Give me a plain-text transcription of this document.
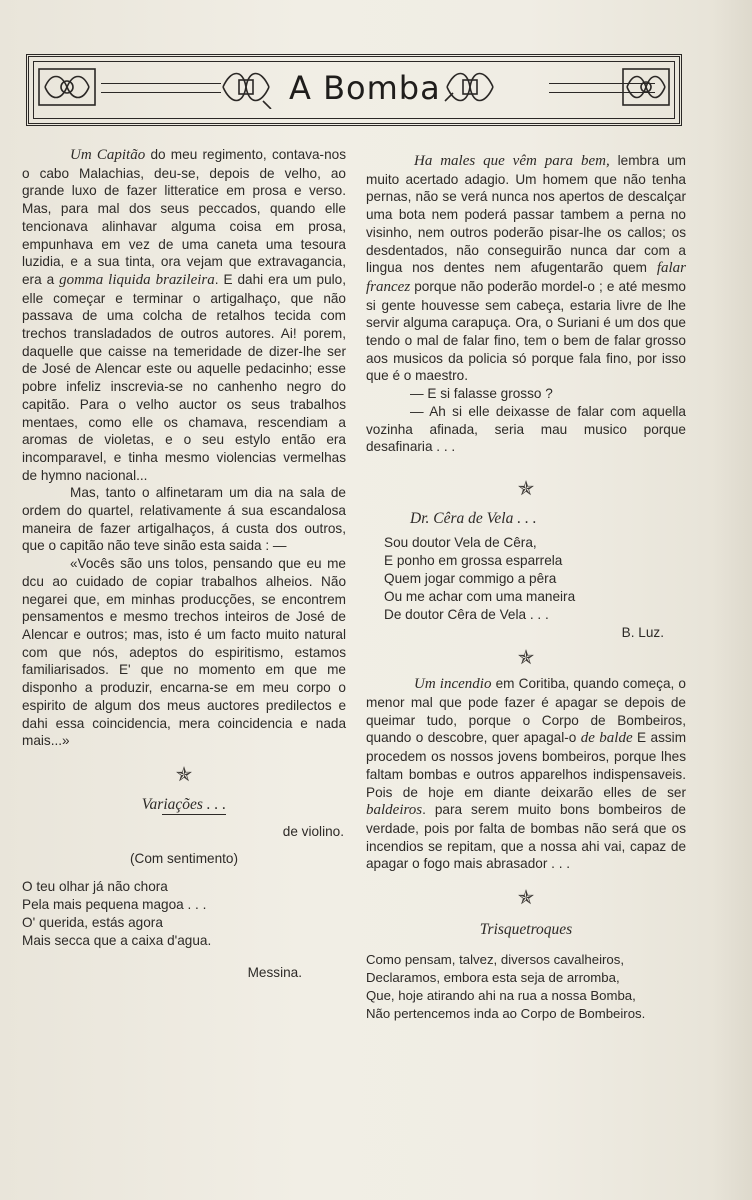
A Bomba

Um Capitão do meu regimento, contava-nos o cabo Malachias, deu-se, depois de velho, ao grande luxo de fazer litteratice em prosa e verso. Mas, para mal dos seus peccados, quando elle tencionava alinhavar alguma coisa em prosa, empunhava em vez de uma caneta uma tesoura luzidia, e a sua tinta, ora vejam que extravagancia, era a gomma liquida brazileira. E dahi era um pulo, elle começar e terminar o artigalhaço, que não passava de uma colcha de retalhos tecida com trechos transladados de outros autores. Ai! porem, daquelle que caisse na temeridade de dizer-lhe ser de José de Alencar este ou aquelle pedacinho; esse pobre infeliz inscrevia-se no canhenho negro do capitão. Para o velho auctor os seus trabalhos mentaes, como elle os chamava, rescendiam a aromas de violetas, e o seu estylo então era incomparavel, e tinha mesmo violencias vermelhas de hymno nacional...

Mas, tanto o alfinetaram um dia na sala de ordem do quartel, relativamente á sua escandalosa maneira de fazer artigalhaços, á custa dos outros, que o capitão não teve sinão esta saida : —

«Vocês são uns tolos, pensando que eu me dcu ao cuidado de copiar trabalhos alheios. Não negarei que, em minhas producções, se encontrem pensamentos e mesmo trechos inteiros de José de Alencar e outros; mas, isto é um facto muito natural com que nós, adeptos do espiritismo, estamos familiarisados. E' que no momento em que me disponho a produzir, encarna-se em meu corpo o espirito de algum dos meus auctores predilectos e dahi essa coincidencia, mera coincidencia e nada mais...»

✯

Variações . . .

de violino.

(Com sentimento)

O teu olhar já não chora

Pela mais pequena magoa . . .

O' querida, estás agora

Mais secca que a caixa d'agua.

Messina.

Ha males que vêm para bem, lembra um muito acertado adagio. Um homem que não tenha pernas, não se verá nunca nos apertos de descalçar uma bota nem poderá passar tambem a perna no visinho, nem outros poderão pisar-lhe os callos; os desdentados, não conseguirão nunca dar com a lingua nos dentes nem afugentarão quem falar francez porque não poderão mordel-o ; e até mesmo si gente houvesse sem cabeça, estaria livre de lhe servir alguma carapuça. Ora, o Suriani é um dos que tendo o mal de falar fino, tem o bem de falar grosso aos musicos da policia só porque fala fino, por isso que é o maestro.

— E si falasse grosso ?

— Ah si elle deixasse de falar com aquella vozinha afinada, seria mau musico porque desafinaria . . .

✯

Dr. Cêra de Vela . . .

Sou doutor Vela de Cêra,

E ponho em grossa esparrela

Quem jogar commigo a pêra

Ou me achar com uma maneira

De doutor Cêra de Vela . . .

B. Luz.

✯

Um incendio em Coritiba, quando começa, o menor mal que pode fazer é apagar se depois de queimar tudo, porque o Corpo de Bombeiros, quando o descobre, quer apagal-o de balde E assim procedem os nossos jovens bombeiros, porque lhes faltam bombas e outros apparelhos indispensaveis. Pois de hoje em diante deixarão elles de ser baldeiros. para serem muito bons bombeiros de verdade, pois por falta de bombas não será que os incendios se repitam, que a nossa ahi vai, capaz de apagar o fogo mais abrasador . . .

✯

Trisquetroques

Como pensam, talvez, diversos cavalheiros,

Declaramos, embora esta seja de arromba,

Que, hoje atirando ahi na rua a nossa Bomba,

Não pertencemos inda ao Corpo de Bombeiros.
